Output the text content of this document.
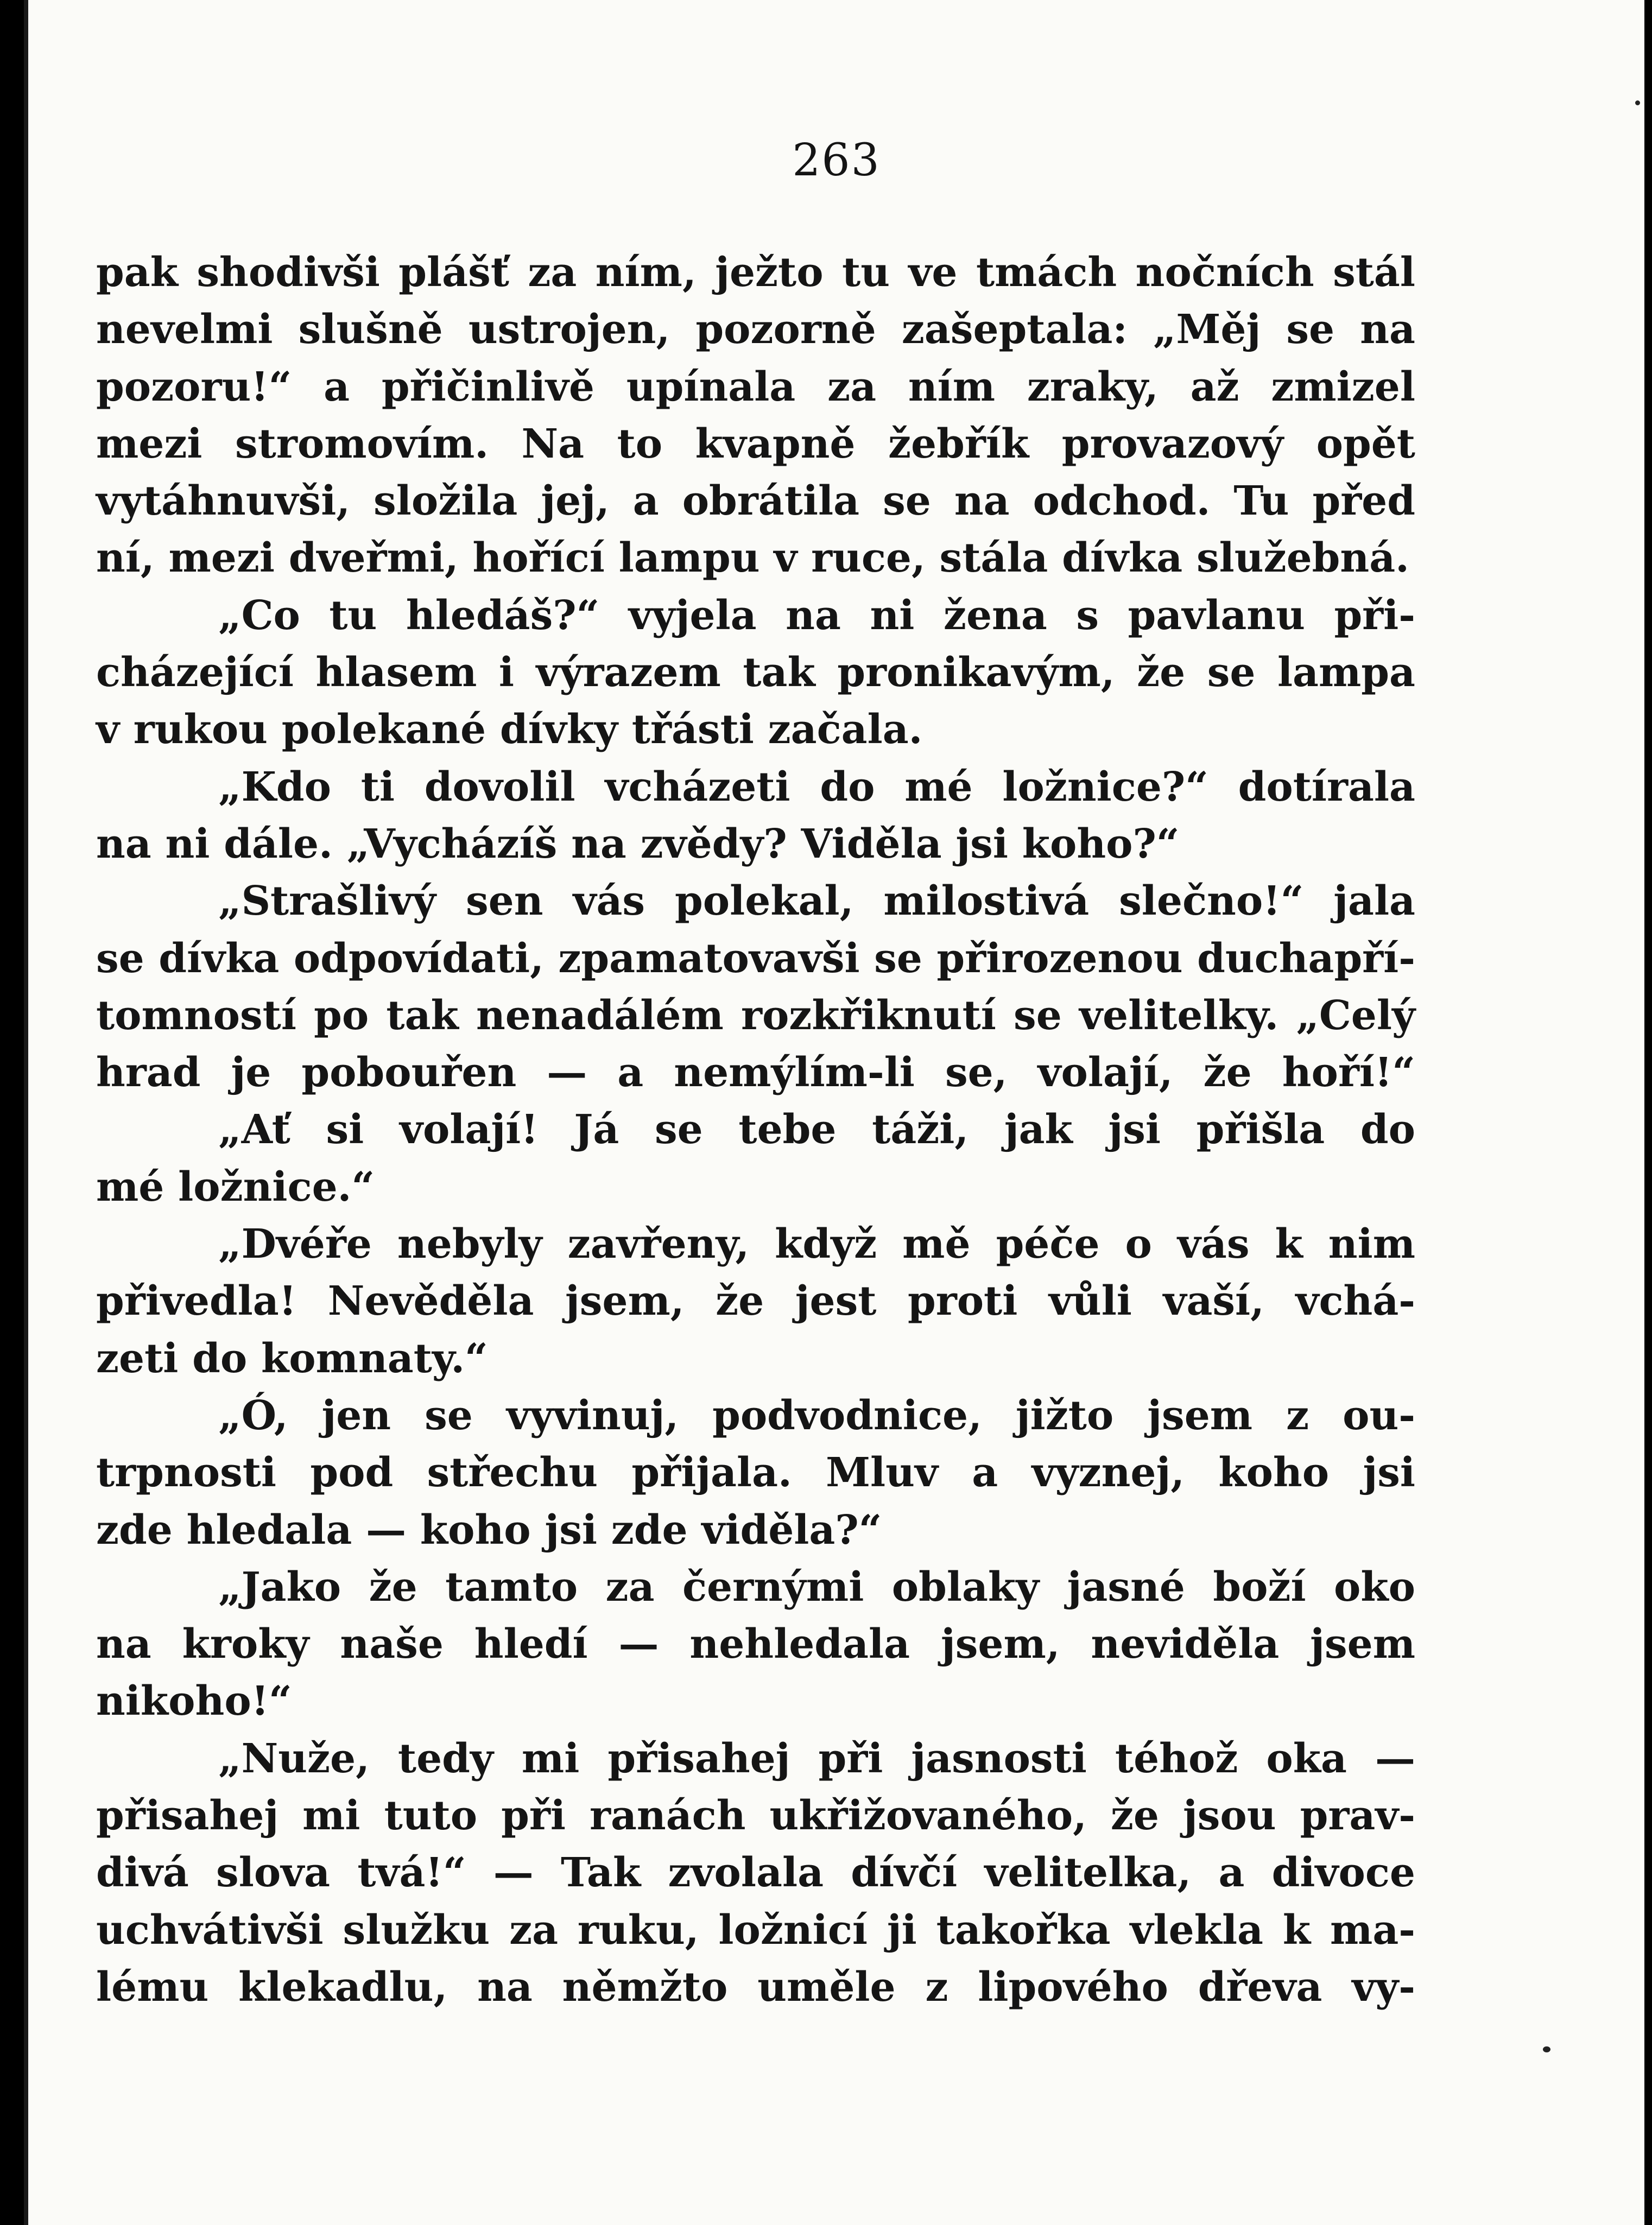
263
pak shodivši plášť za ním, ježto tu ve tmách nočních stál
nevelmi slušně ustrojen, pozorně zašeptala: „Měj se na
pozoru!“ a přičinlivě upínala za ním zraky, až zmizel
mezi stromovím. Na to kvapně žebřík provazový opět
vytáhnuvši, složila jej, a obrátila se na odchod. Tu před
ní, mezi dveřmi, hořící lampu v ruce, stála dívka služebná.
„Co tu hledáš?“ vyjela na ni žena s pavlanu při-
cházející hlasem i výrazem tak pronikavým, že se lampa
v rukou polekané dívky třásti začala.
„Kdo ti dovolil vcházeti do mé ložnice?“ dotírala
na ni dále. „Vycházíš na zvědy? Viděla jsi koho?“
„Strašlivý sen vás polekal, milostivá slečno!“ jala
se dívka odpovídati, zpamatovavši se přirozenou duchapří-
tomností po tak nenadálém rozkřiknutí se velitelky. „Celý
hrad je pobouřen — a nemýlím-li se, volají, že hoří!“
„Ať si volají! Já se tebe táži, jak jsi přišla do
mé ložnice.“
„Dvéře nebyly zavřeny, když mě péče o vás k nim
přivedla! Nevěděla jsem, že jest proti vůli vaší, vchá-
zeti do komnaty.“
„Ó, jen se vyvinuj, podvodnice, jižto jsem z ou-
trpnosti pod střechu přijala. Mluv a vyznej, koho jsi
zde hledala — koho jsi zde viděla?“
„Jako že tamto za černými oblaky jasné boží oko
na kroky naše hledí — nehledala jsem, neviděla jsem
nikoho!“
„Nuže, tedy mi přisahej při jasnosti téhož oka —
přisahej mi tuto při ranách ukřižovaného, že jsou prav-
divá slova tvá!“ — Tak zvolala dívčí velitelka, a divoce
uchvátivši služku za ruku, ložnicí ji takořka vlekla k ma-
lému klekadlu, na němžto uměle z lipového dřeva vy-
